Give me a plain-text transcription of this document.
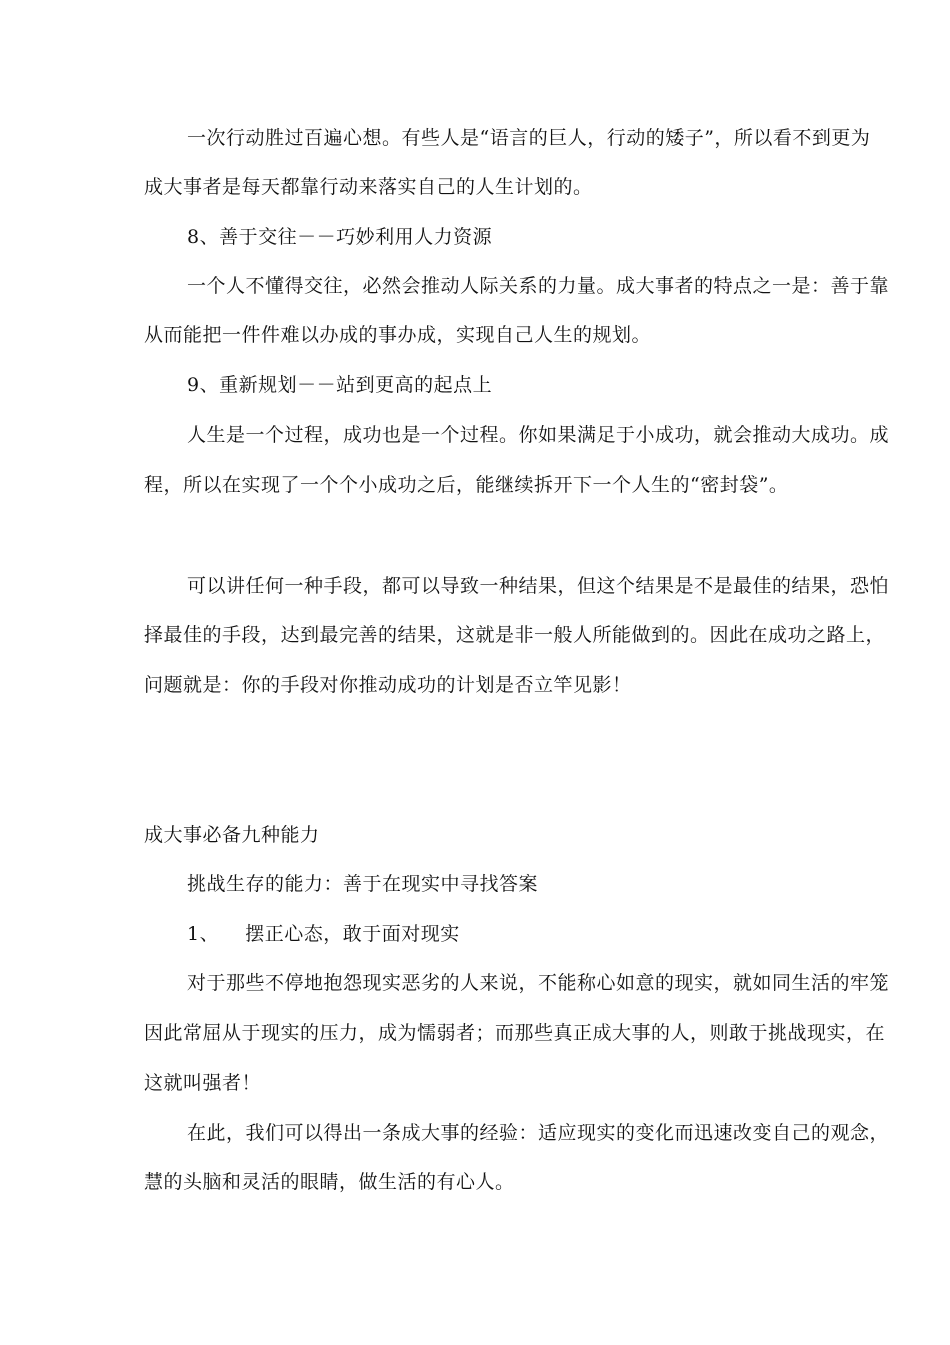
一次行动胜过百遍心想。有些人是“语言的巨人，行动的矮子”，所以看不到更为
成大事者是每天都靠行动来落实自己的人生计划的。
8、善于交往－－巧妙利用人力资源
一个人不懂得交往，必然会推动人际关系的力量。成大事者的特点之一是：善于靠
从而能把一件件难以办成的事办成，实现自己人生的规划。
9、重新规划－－站到更高的起点上
人生是一个过程，成功也是一个过程。你如果满足于小成功，就会推动大成功。成
程，所以在实现了一个个小成功之后，能继续拆开下一个人生的“密封袋”。
可以讲任何一种手段，都可以导致一种结果，但这个结果是不是最佳的结果，恐怕
择最佳的手段，达到最完善的结果，这就是非一般人所能做到的。因此在成功之路上，
问题就是：你的手段对你推动成功的计划是否立竿见影！
成大事必备九种能力
挑战生存的能力：善于在现实中寻找答案
1、    摆正心态，敢于面对现实
对于那些不停地抱怨现实恶劣的人来说，不能称心如意的现实，就如同生活的牢笼
因此常屈从于现实的压力，成为懦弱者；而那些真正成大事的人，则敢于挑战现实，在
这就叫强者！
在此，我们可以得出一条成大事的经验：适应现实的变化而迅速改变自己的观念，
慧的头脑和灵活的眼睛，做生活的有心人。
